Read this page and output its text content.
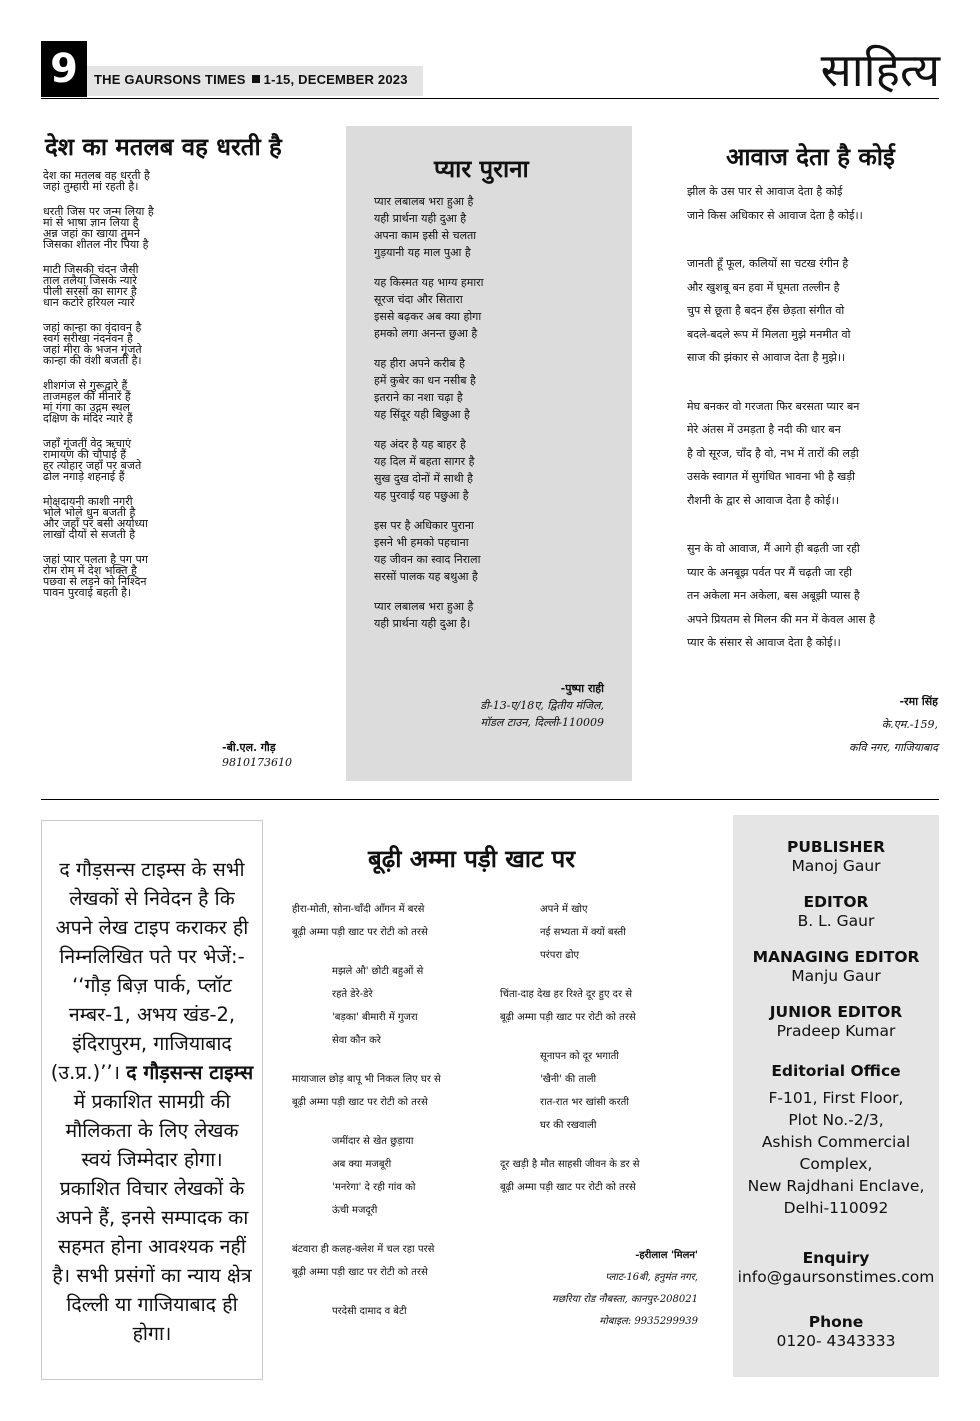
9	THE GAURSONS TIMES 1-15, DECEMBER 2023	साहित्य
देश का मतलब वह धरती है
देश का मतलब वह धरती है
जहां तुम्हारी मां रहती है।
धरती जिस पर जन्म लिया है
मां से भाषा ज्ञान लिया है
अन्न जहां का खाया तुमने
जिसका शीतल नीर पिया है
माटी जिसकी चंदन जैसी
ताल तलैया जिसके न्यारे
पीली सरसों का सागर है
धान कटोरे हरियल न्यारे
जहां कान्हा का वृंदावन है
स्वर्ग सरीखा नंदनवन है
जहां मीरा के भजन गूंजते
कान्हा की वंशी बजती है।
शीशगंज से गुरूद्वारे हैं
ताजमहल की मीनारें हैं
मां गंगा का उद्गम स्थल
दक्षिण के मंदिर न्यारे हैं
जहाँ गूंजतीं वेद ऋचाएं
रामायण की चौपाई हैं
हर त्योहार जहाँ पर बजते
ढोल नगाड़े शहनाई हैं
मोक्षदायनी काशी नगरी
भोले भोले धुन बजती है
और जहाँ पर बसी अयोध्या
लाखों दीयों से सजती है
जहां प्यार पलता है पग पग
रोम रोम में देश भक्ति है
पछवा से लड़ने को निश्दिन
पावन पुरवाई बहती है।
-बी.एल. गौड़
9810173610
प्यार पुराना
प्यार लबालब भरा हुआ है
यही प्रार्थना यही दुआ है
अपना काम इसी से चलता
गुड़यानी यह माल पुआ है
यह किस्मत यह भाग्य हमारा
सूरज चंदा और सितारा
इससे बढ़कर अब क्या होगा
हमको लगा अनन्त छुआ है
यह हीरा अपने करीब है
हमें कुबेर का धन नसीब है
इतराने का नशा चढ़ा है
यह सिंदूर यही बिछुआ है
यह अंदर है यह बाहर है
यह दिल में बहता सागर है
सुख दुख दोनों में साथी है
यह पुरवाई यह पछुआ है
इस पर है अधिकार पुराना
इसने भी हमको पहचाना
यह जीवन का स्वाद निराला
सरसों पालक यह बथुआ है
प्यार लबालब भरा हुआ है
यही प्रार्थना यही दुआ है।
-पुष्पा राही
डी-13-ए/18ए, द्वितीय मंजिल,
मॉडल टाउन, दिल्ली-110009
आवाज देता है कोई
झील के उस पार से आवाज देता है कोई
जाने किस अधिकार से आवाज देता है कोई।।
जानती हूँ फूल, कलियों सा चटख रंगीन है
और खुशबू बन हवा में घूमता तल्लीन है
चुप से छूता है बदन हँस छेड़ता संगीत वो
बदले-बदले रूप में मिलता मुझे मनमीत वो
साज की झंकार से आवाज देता है मुझे।।
मेघ बनकर वो गरजता फिर बरसता प्यार बन
मेरे अंतस में उमड़ता है नदी की धार बन
है वो सूरज, चाँद है वो, नभ में तारों की लड़ी
उसके स्वागत में सुगंधित भावना भी है खड़ी
रौशनी के द्वार से आवाज देता है कोई।।
सुन के वो आवाज, मैं आगे ही बढ़ती जा रही
प्यार के अनबूझ पर्वत पर मैं चढ़ती जा रही
तन अकेला मन अकेला, बस अबूझी प्यास है
अपने प्रियतम से मिलन की मन में केवल आस है
प्यार के संसार से आवाज देता है कोई।।
-रमा सिंह
के.एम.-159,
कवि नगर, गाजियाबाद
द गौड़सन्स टाइम्स के सभी लेखकों से निवेदन है कि अपने लेख टाइप कराकर ही निम्नलिखित पते पर भेजें:- ‘‘गौड़ बिज़ पार्क, प्लॉट नम्बर-1, अभय खंड-2, इंदिरापुरम, गाजियाबाद (उ.प्र.)’’। द गौड़सन्स टाइम्स में प्रकाशित सामग्री की मौलिकता के लिए लेखक स्वयं जिम्मेदार होगा। प्रकाशित विचार लेखकों के अपने हैं, इनसे सम्पादक का सहमत होना आवश्यक नहीं है। सभी प्रसंगों का न्याय क्षेत्र दिल्ली या गाजियाबाद ही होगा।
बूढ़ी अम्मा पड़ी खाट पर
हीरा-मोती, सोना-चाँदी आँगन में बरसे
बूढ़ी अम्मा पड़ी खाट पर रोटी को तरसे
मझले औ' छोटी बहुओं से
रहते डेरे-डेरे
'बड़का' बीमारी में गुजरा
सेवा कौन करे
मायाजाल छोड़ बापू भी निकल लिए घर से
बूढ़ी अम्मा पड़ी खाट पर रोटी को तरसे
जमींदार से खेत छुड़ाया
अब क्या मजबूरी
'मनरेगा' दे रही गांव को
ऊंची मजदूरी
बंटवारा ही कलह-क्लेश में चल रहा परसे
बूढ़ी अम्मा पड़ी खाट पर रोटी को तरसे
परदेसी दामाद व बेटी
अपने में खोए
नई सभ्यता में क्यों बस्ती
परंपरा ढोए
चिंता-दाह देख हर रिश्ते दूर हुए दर से
बूढ़ी अम्मा पड़ी खाट पर रोटी को तरसे
सूनापन को दूर भगाती
'खैनी' की ताली
रात-रात भर खांसी करती
घर की रखवाली
दूर खड़ी है मौत साहसी जीवन के डर से
बूढ़ी अम्मा पड़ी खाट पर रोटी को तरसे
-हरीलाल 'मिलन'
प्लाट-16बी, हनुमंत नगर,
मछरिया रोड नौबस्ता, कानपुर-208021
मोबाइल: 9935299939
PUBLISHER
Manoj Gaur
EDITOR
B. L. Gaur
MANAGING EDITOR
Manju Gaur
JUNIOR EDITOR
Pradeep Kumar
Editorial Office
F-101, First Floor,
Plot No.-2/3,
Ashish Commercial
Complex,
New Rajdhani Enclave,
Delhi-110092
Enquiry
info@gaursonstimes.com
Phone
0120- 4343333
